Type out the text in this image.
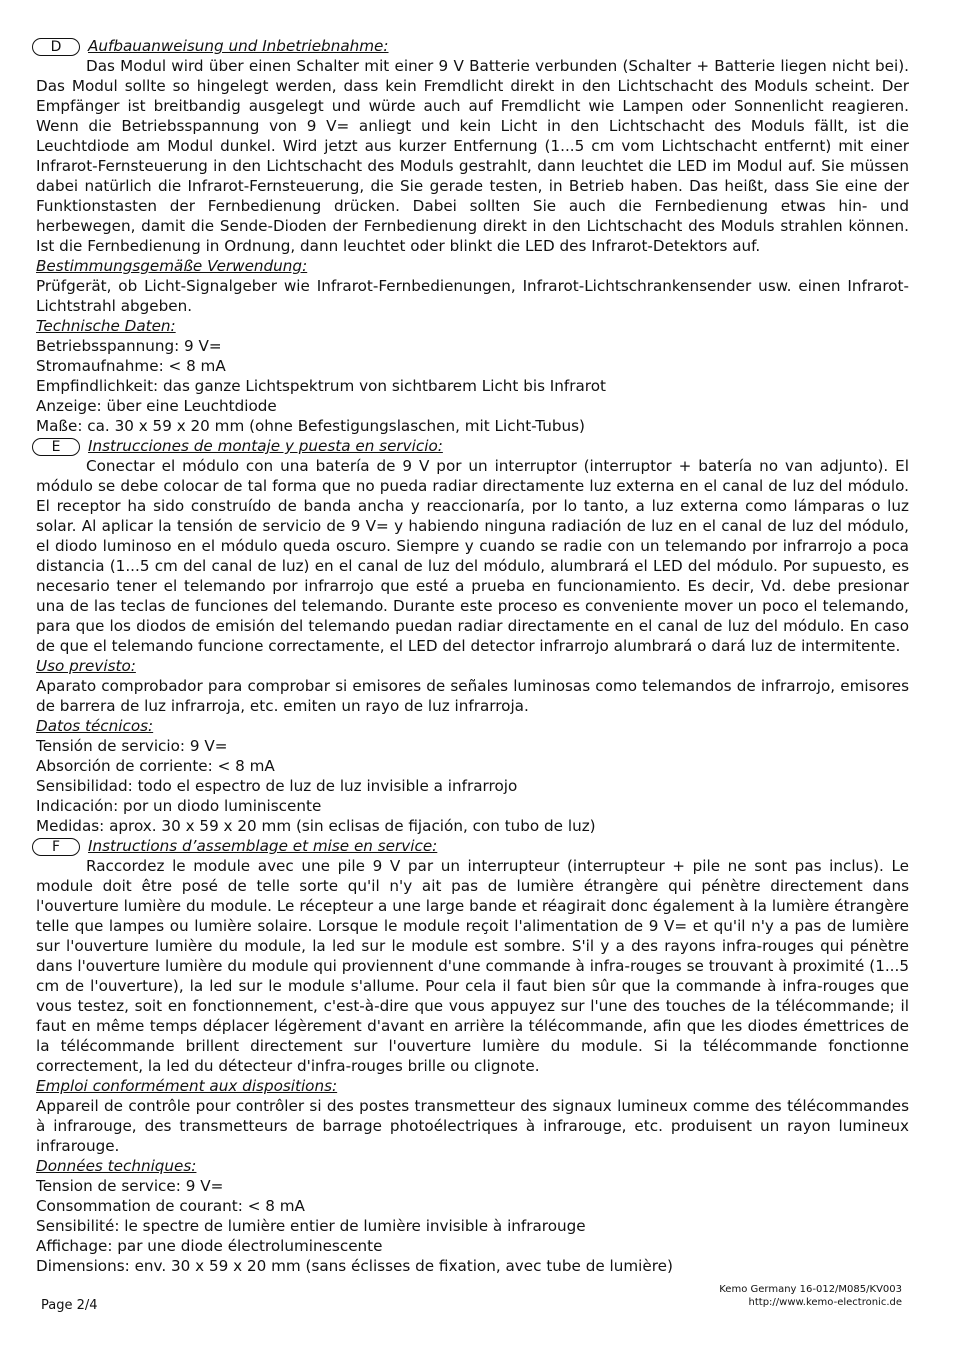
D	Aufbauanweisung und Inbetriebnahme:

Das Modul wird über einen Schalter mit einer 9 V Batterie verbunden (Schalter + Batterie liegen nicht bei). Das Modul sollte so hingelegt werden, dass kein Fremdlicht direkt in den Lichtschacht des Moduls scheint. Der Empfänger ist breitbandig ausgelegt und würde auch auf Fremdlicht wie Lampen oder Sonnenlicht reagieren. Wenn die Betriebsspannung von 9 V= anliegt und kein Licht in den Lichtschacht des Moduls fällt, ist die Leuchtdiode am Modul dunkel. Wird jetzt aus kurzer Entfernung (1...5 cm vom Lichtschacht entfernt) mit einer Infrarot-Fernsteuerung in den Lichtschacht des Moduls gestrahlt, dann leuchtet die LED im Modul auf. Sie müssen dabei natürlich die Infrarot-Fernsteuerung, die Sie gerade testen, in Betrieb haben. Das heißt, dass Sie eine der Funktionstasten der Fernbedienung drücken. Dabei sollten Sie auch die Fernbedienung etwas hin- und herbewegen, damit die Sende-Dioden der Fernbedienung direkt in den Lichtschacht des Moduls strahlen können. Ist die Fernbedienung in Ordnung, dann leuchtet oder blinkt die LED des Infrarot-Detektors auf.

Bestimmungsgemäße Verwendung:

Prüfgerät, ob Licht-Signalgeber wie Infrarot-Fernbedienungen, Infrarot-Lichtschrankensender usw. einen Infrarot-Lichtstrahl abgeben.

Technische Daten:

Betriebsspannung: 9 V=

Stromaufnahme: < 8 mA

Empfindlichkeit: das ganze Lichtspektrum von sichtbarem Licht bis Infrarot

Anzeige: über eine Leuchtdiode

Maße: ca. 30 x 59 x 20 mm (ohne Befestigungslaschen, mit Licht-Tubus)

E	Instrucciones de montaje y puesta en servicio:

Conectar el módulo con una batería de 9 V por un interruptor (interruptor + batería no van adjunto). El módulo se debe colocar de tal forma que no pueda radiar directamente luz externa en el canal de luz del módulo. El receptor ha sido construído de banda ancha y reaccionaría, por lo tanto, a luz externa como lámparas o luz solar. Al aplicar la tensión de servicio de 9 V= y habiendo ninguna radiación de luz en el canal de luz del módulo, el diodo luminoso en el módulo queda oscuro. Siempre y cuando se radie con un telemando por infrarrojo a poca distancia (1...5 cm del canal de luz) en el canal de luz del módulo, alumbrará el LED del módulo. Por supuesto, es necesario tener el telemando por infrarrojo que esté a prueba en funcionamiento. Es decir, Vd. debe presionar una de las teclas de funciones del telemando. Durante este proceso es conveniente mover un poco el telemando, para que los diodos de emisión del telemando puedan radiar directamente en el canal de luz del módulo. En caso de que el telemando funcione correctamente, el LED del detector infrarrojo alumbrará o dará luz de intermitente.

Uso previsto:

Aparato comprobador para comprobar si emisores de señales luminosas como telemandos de infrarrojo, emisores de barrera de luz infrarroja, etc. emiten un rayo de luz infrarroja.

Datos técnicos:

Tensión de servicio: 9 V=

Absorción de corriente: < 8 mA

Sensibilidad: todo el espectro de luz de luz invisible a infrarrojo

Indicación: por un diodo luminiscente

Medidas: aprox. 30 x 59 x 20 mm (sin eclisas de fijación, con tubo de luz)

F	Instructions d’assemblage et mise en service:

Raccordez le module avec une pile 9 V par un interrupteur (interrupteur + pile ne sont pas inclus). Le module doit être posé de telle sorte qu'il n'y ait pas de lumière étrangère qui pénètre directement dans l'ouverture lumière du module. Le récepteur a une large bande et réagirait donc également à la lumière étrangère telle que lampes ou lumière solaire. Lorsque le module reçoit l'alimentation de 9 V= et qu'il n'y a pas de lumière sur l'ouverture lumière du module, la led sur le module est sombre. S'il y a des rayons infra-rouges qui pénètre dans l'ouverture lumière du module qui proviennent d'une commande à infra-rouges se trouvant à proximité (1...5 cm de l'ouverture), la led sur le module s'allume. Pour cela il faut bien sûr que la commande à infra-rouges que vous testez, soit en fonctionnement, c'est-à-dire que vous appuyez sur l'une des touches de la télécommande; il faut en même temps déplacer légèrement d'avant en arrière la télécommande, afin que les diodes émettrices de la télécommande brillent directement sur l'ouverture lumière du module. Si la télécommande fonctionne correctement, la led du détecteur d'infra-rouges brille ou clignote.

Emploi conformément aux dispositions:

Appareil de contrôle pour contrôler si des postes transmetteur des signaux lumineux comme des télécommandes à infrarouge, des transmetteurs de barrage photoélectriques à infrarouge, etc. produisent un rayon lumineux infrarouge.

Données techniques:

Tension de service: 9 V=

Consommation de courant: < 8 mA

Sensibilité: le spectre de lumière entier de lumière invisible à infrarouge

Affichage: par une diode électroluminescente

Dimensions: env. 30 x 59 x 20 mm (sans éclisses de fixation, avec tube de lumière)

Page 2/4
Kemo Germany 16-012/M085/KV003
http://www.kemo-electronic.de
